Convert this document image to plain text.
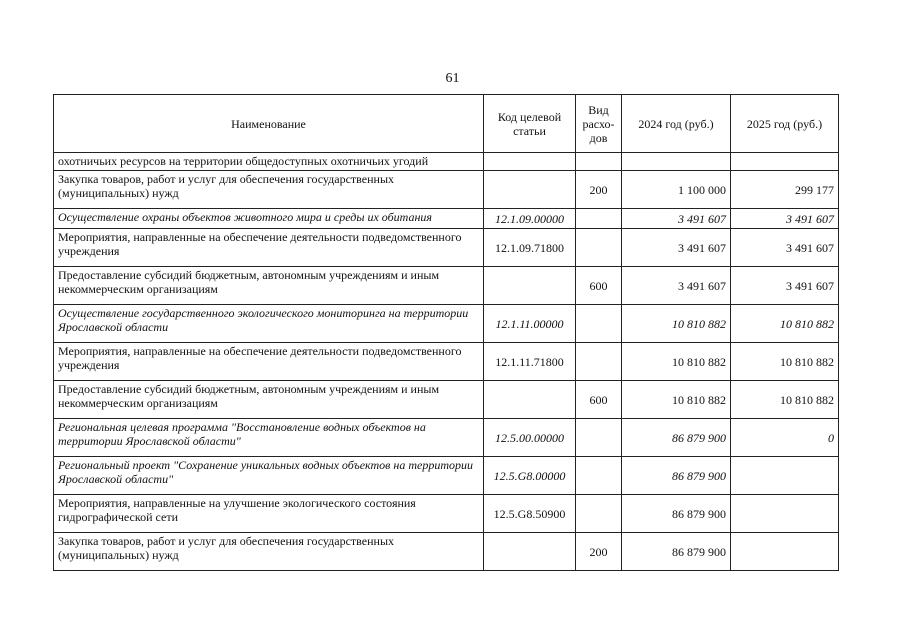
61
Наименование	Код целевой статьи	Вид расхо-дов	2024 год (руб.)	2025 год (руб.)
охотничьих ресурсов на территории общедоступных охотничьих угодий				
Закупка товаров, работ и услуг для обеспечения государственных (муниципальных) нужд		200	1 100 000	299 177
Осуществление охраны объектов животного мира и среды их обитания	12.1.09.00000		3 491 607	3 491 607
Мероприятия, направленные на обеспечение деятельности подведомственного учреждения	12.1.09.71800		3 491 607	3 491 607
Предоставление субсидий бюджетным, автономным учреждениям и иным некоммерческим организациям		600	3 491 607	3 491 607
Осуществление государственного экологического мониторинга на территории Ярославской области	12.1.11.00000		10 810 882	10 810 882
Мероприятия, направленные на обеспечение деятельности подведомственного учреждения	12.1.11.71800		10 810 882	10 810 882
Предоставление субсидий бюджетным, автономным учреждениям и иным некоммерческим организациям		600	10 810 882	10 810 882
Региональная целевая программа "Восстановление водных объектов на территории Ярославской области"	12.5.00.00000		86 879 900	0
Региональный проект "Сохранение уникальных водных объектов на территории Ярославской области"	12.5.G8.00000		86 879 900	
Мероприятия, направленные на улучшение экологического состояния гидрографической сети	12.5.G8.50900		86 879 900	
Закупка товаров, работ и услуг для обеспечения государственных (муниципальных) нужд		200	86 879 900	
